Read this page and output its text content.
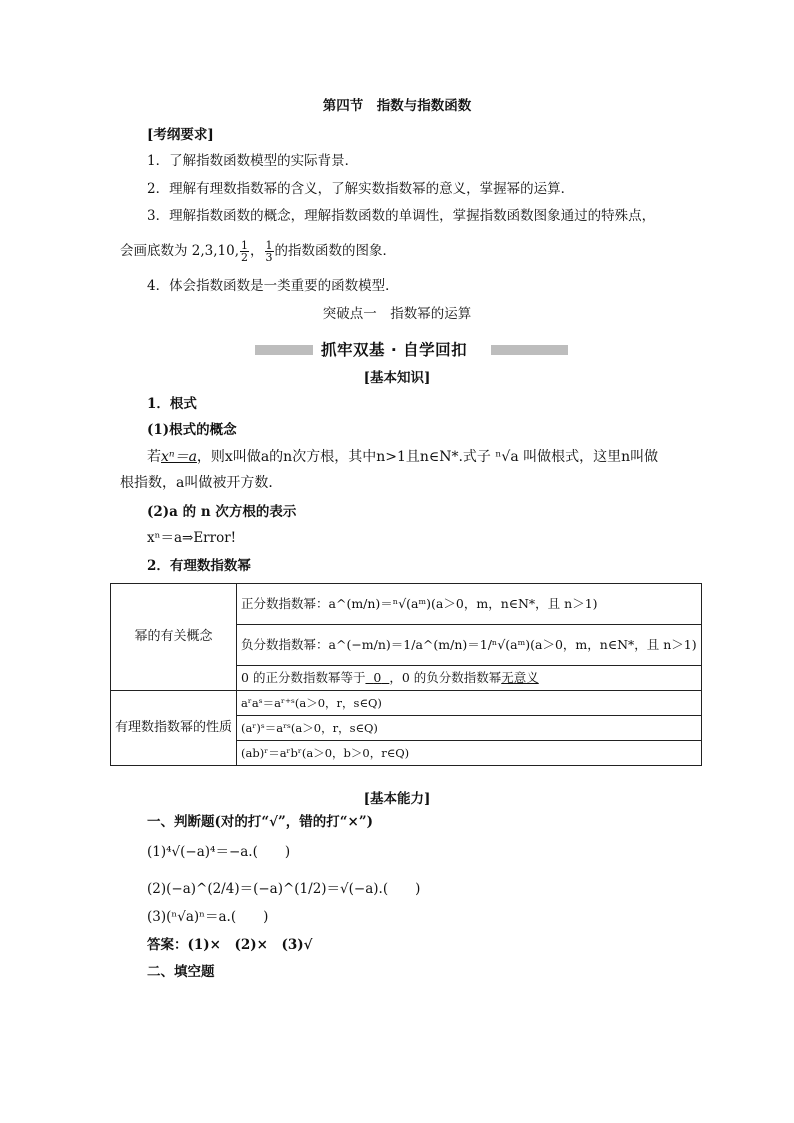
第四节　指数与指数函数
[考纲要求]
1．了解指数函数模型的实际背景．
2．理解有理数指数幂的含义，了解实数指数幂的意义，掌握幂的运算．
3．理解指数函数的概念，理解指数函数的单调性，掌握指数函数图象通过的特殊点，
会画底数为 2,3,10, $\frac{1}{2}$ ， $\frac{1}{3}$ 的指数函数的图象．
4．体会指数函数是一类重要的函数模型．
突破点一　指数幂的运算
抓牢双基 · 自学回扣
[基本知识]
1．根式
(1)根式的概念
若xⁿ＝a，则x叫做a的n次方根，其中n>1且n∈N*.式子 ⁿ√a 叫做根式，这里n叫做
根指数，a叫做被开方数．
(2)a 的 n 次方根的表示
xⁿ＝a⇒Error!
2．有理数指数幂
幂的有关概念	正分数指数幂：a^(m/n)＝ⁿ√(aᵐ)(a＞0，m，n∈N*，且 n＞1)
	负分数指数幂：a^(−m/n)＝1/a^(m/n)＝1/ⁿ√(aᵐ)(a＞0，m，n∈N*，且 n＞1)
	0 的正分数指数幂等于 0 ，0 的负分数指数幂无意义
有理数指数幂的性质	aʳaˢ＝aʳ⁺ˢ(a＞0，r，s∈Q)
	(aʳ)ˢ＝aʳˢ(a＞0，r，s∈Q)
	(ab)ʳ＝aʳbʳ(a＞0，b＞0，r∈Q)
[基本能力]
一、判断题(对的打“√”，错的打“×”)
(1)⁴√(−a)⁴＝−a.(　　)
(2)(−a)^(2/4)＝(−a)^(1/2)＝√(−a).(　　)
(3)(ⁿ√a)ⁿ＝a.(　　)
答案：(1)×　(2)×　(3)√
二、填空题
